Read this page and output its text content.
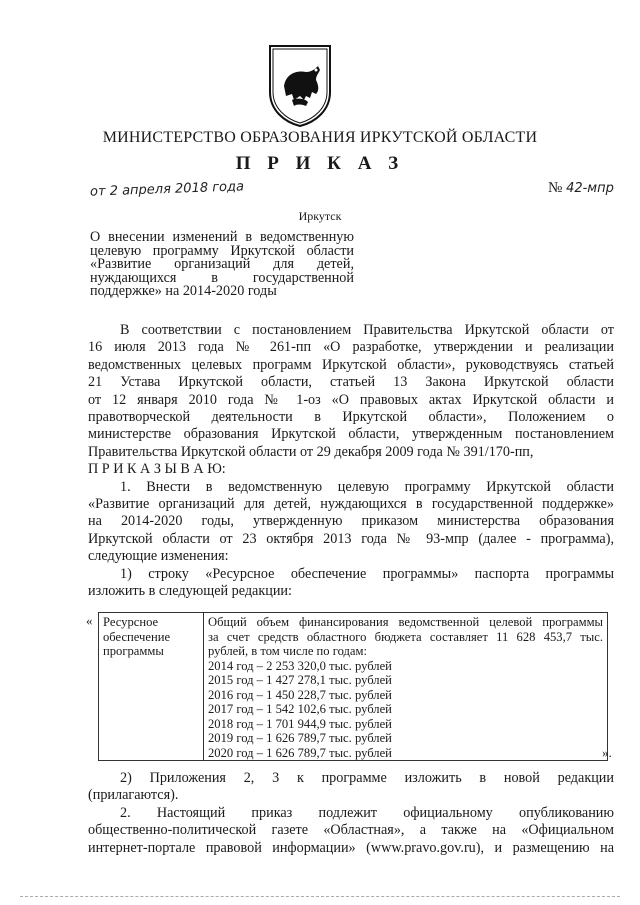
МИНИСТЕРСТВО ОБРАЗОВАНИЯ ИРКУТСКОЙ ОБЛАСТИ
П Р И К А З
от 2 апреля 2018 года	№ 42-мпр
Иркутск
О внесении изменений в ведомственную
целевую программу Иркутской области
«Развитие организаций для детей,
нуждающихся в государственной
поддержке» на 2014-2020 годы

В соответствии с постановлением Правительства Иркутской области от

16 июля 2013 года № 261-пп «О разработке, утверждении и реализации

ведомственных целевых программ Иркутской области», руководствуясь статьей

21 Устава Иркутской области, статьей 13 Закона Иркутской области

от 12 января 2010 года № 1-оз «О правовых актах Иркутской области и

правотворческой деятельности в Иркутской области», Положением о

министерстве образования Иркутской области, утвержденным постановлением

Правительства Иркутской области от 29 декабря 2009 года № 391/170-пп,

П Р И К А З Ы В А Ю:

1. Внести в ведомственную целевую программу Иркутской области

«Развитие организаций для детей, нуждающихся в государственной поддержке»

на 2014-2020 годы, утвержденную приказом министерства образования

Иркутской области от 23 октября 2013 года № 93-мпр (далее - программа),

следующие изменения:

1) строку «Ресурсное обеспечение программы» паспорта программы

изложить в следующей редакции:

« Ресурсное
обеспечение
программы

Общий объем финансирования ведомственной целевой программы
за счет средств областного бюджета составляет 11 628 453,7 тыс.
рублей, в том числе по годам:
2014 год – 2 253 320,0 тыс. рублей
2015 год – 1 427 278,1 тыс. рублей
2016 год – 1 450 228,7 тыс. рублей
2017 год – 1 542 102,6 тыс. рублей
2018 год – 1 701 944,9 тыс. рублей
2019 год – 1 626 789,7 тыс. рублей
2020 год – 1 626 789,7 тыс. рублей	».

2) Приложения 2, 3 к программе изложить в новой редакции

(прилагаются).

2. Настоящий приказ подлежит официальному опубликованию

общественно-политической газете «Областная», а также на «Официальном

интернет-портале правовой информации» (www.pravo.gov.ru), и размещению на
